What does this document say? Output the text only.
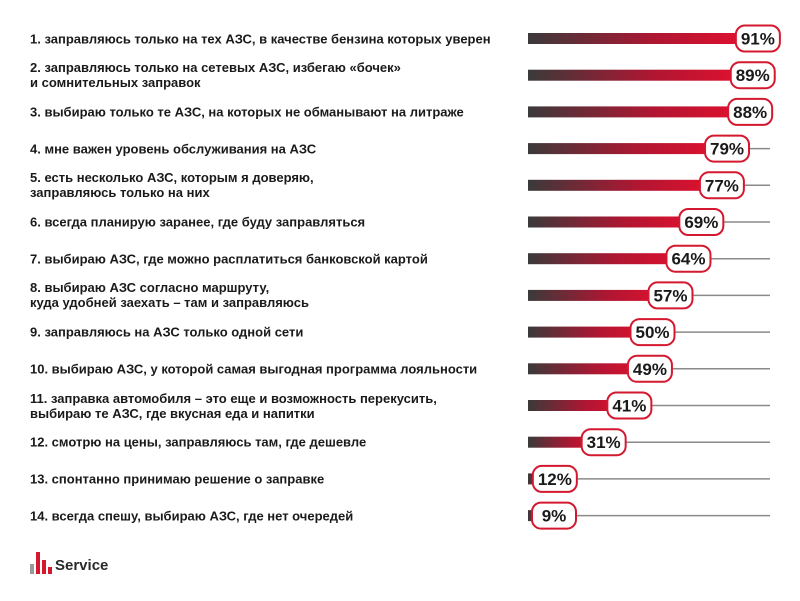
91%
89%
88%
79%
77%
69%
64%
57%
50%
49%
41%
31%
12%
9%
1. заправляюсь только на тех АЗС, в качестве бензина которых уверен
2. заправляюсь только на сетевых АЗС, избегаю «бочек»
и сомнительных заправок
3. выбираю только те АЗС, на которых не обманывают на литраже
4. мне важен уровень обслуживания на АЗС
5. есть несколько АЗС, которым я доверяю,
заправляюсь только на них
6. всегда планирую заранее, где буду заправляться
7. выбираю АЗС, где можно расплатиться банковской картой
8. выбираю АЗС согласно маршруту,
куда удобней заехать – там и заправляюсь
9. заправляюсь на АЗС только одной сети
10. выбираю АЗС, у которой самая выгодная программа лояльности
11. заправка автомобиля – это еще и возможность перекусить,
выбираю те АЗС, где вкусная еда и напитки
12. смотрю на цены, заправляюсь там, где дешевле
13. спонтанно принимаю решение о заправке
14. всегда спешу, выбираю АЗС, где нет очередей
Service
